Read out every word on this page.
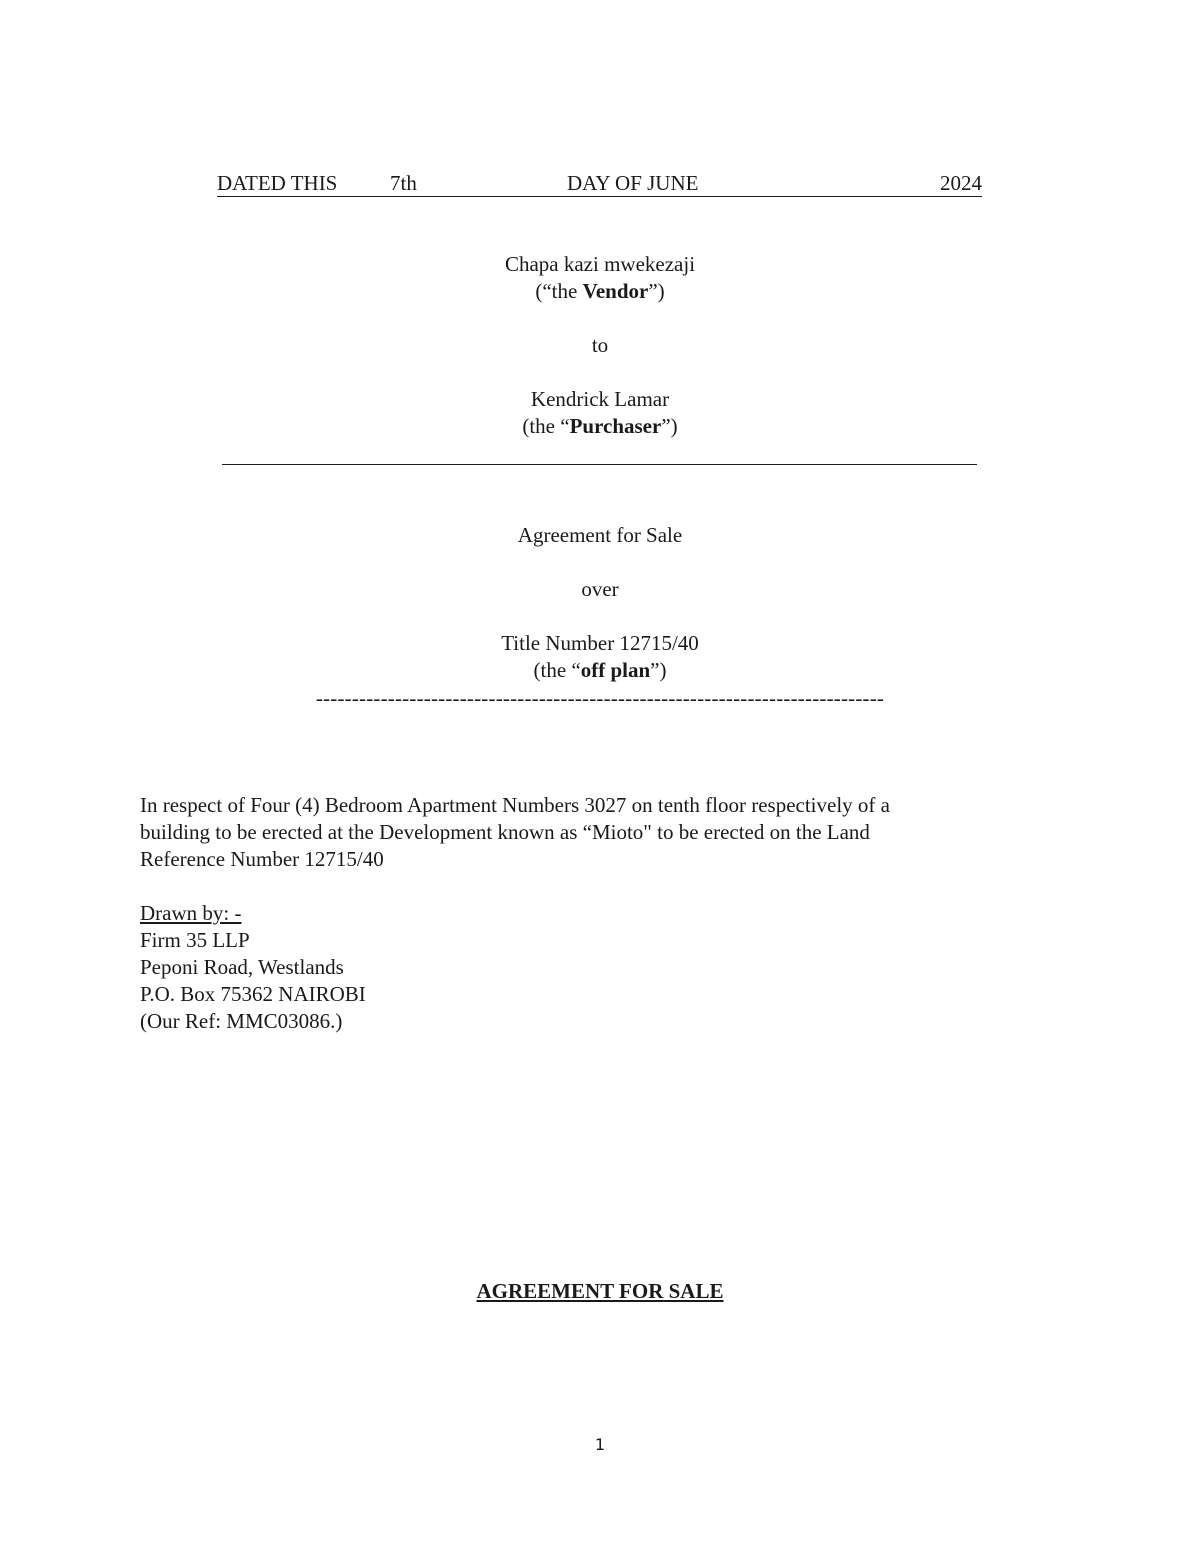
DATED THIS	7th	DAY OF JUNE	2024
Chapa kazi mwekezaji
(“the Vendor”)
to
Kendrick Lamar
(the “Purchaser”)
Agreement for Sale
over
Title Number 12715/40
(the “off plan”)
-------------------------------------------------------------------------------
In respect of Four (4) Bedroom Apartment Numbers 3027 on tenth floor respectively of a
building to be erected at the Development known as “Mioto" to be erected on the Land
Reference Number 12715/40
Drawn by: -
Firm 35 LLP
Peponi Road, Westlands
P.O. Box 75362 NAIROBI
(Our Ref: MMC03086.)
AGREEMENT FOR SALE
1
